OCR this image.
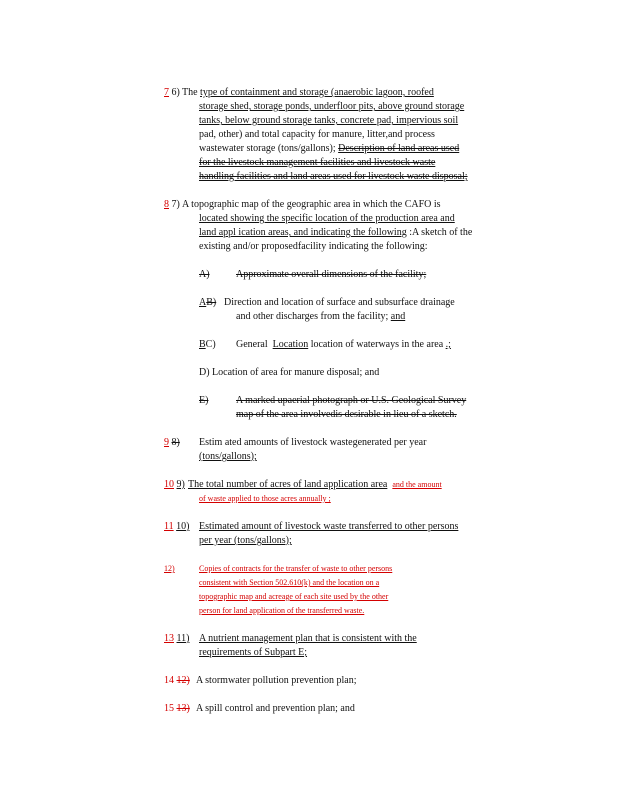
7 6) The type of containment and storage (anaerobic lagoon, roofed
storage shed, storage ponds, underfloor pits, above ground storage
tanks, below ground storage tanks, concrete pad, impervious soil
pad, other) and total capacity for manure, litter,and process
wastewater storage (tons/gallons); Description of land areas used
for the livestock management facilities and livestock waste
handling facilities and land areas used for livestock waste disposal;
8 7) A topographic map of the geographic area in which the CAFO is
located showing the specific location of the production area and
land appl ication areas, and indicating the following :A sketch of the
existing and/or proposedfacility indicating the following:
A)	Approximate overall dimensions of the facility;
AB) Direction and location of surface and subsurface drainage
and other discharges from the facility; and
BC) General Location location of waterways in the area .;
D) Location of area for manure disposal; and
E)	A marked upaerial photograph or U.S. Geological Survey
map of the area involvedis desirable in lieu of a sketch.
9 8) Estim ated amounts of livestock wastegenerated per year
(tons/gallons);
10 9) The total number of acres of land application area and the amount
of waste applied to those acres annually ;
11 10) Estimated amount of livestock waste transferred to other persons
per year (tons/gallons);
12)	Copies of contracts for the transfer of waste to other persons
consistent with Section 502.610(k) and the location on a
topographic map and acreage of each site used by the other
person for land application of the transferred waste.
13 11) A nutrient management plan that is consistent with the
requirements of Subpart E;
14 12) A stormwater pollution prevention plan;
15 13) A spill control and prevention plan; and
